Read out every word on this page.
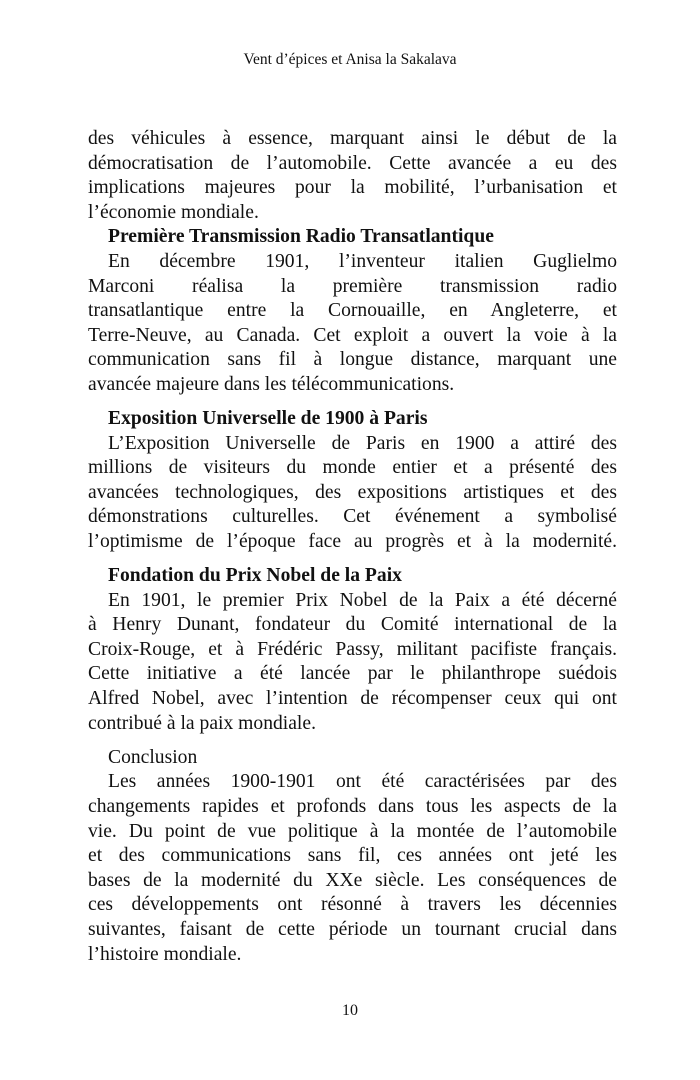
Vent d’épices et Anisa la Sakalava
des véhicules à essence, marquant ainsi le début de la
démocratisation de l’automobile. Cette avancée a eu des
implications majeures pour la mobilité, l’urbanisation et
l’économie mondiale.
Première Transmission Radio Transatlantique
En décembre 1901, l’inventeur italien Guglielmo
Marconi réalisa la première transmission radio
transatlantique entre la Cornouaille, en Angleterre, et
Terre-Neuve, au Canada. Cet exploit a ouvert la voie à la
communication sans fil à longue distance, marquant une
avancée majeure dans les télécommunications.
Exposition Universelle de 1900 à Paris
L’Exposition Universelle de Paris en 1900 a attiré des
millions de visiteurs du monde entier et a présenté des
avancées technologiques, des expositions artistiques et des
démonstrations culturelles. Cet événement a symbolisé
l’optimisme de l’époque face au progrès et à la modernité.
Fondation du Prix Nobel de la Paix
En 1901, le premier Prix Nobel de la Paix a été décerné
à Henry Dunant, fondateur du Comité international de la
Croix-Rouge, et à Frédéric Passy, militant pacifiste français.
Cette initiative a été lancée par le philanthrope suédois
Alfred Nobel, avec l’intention de récompenser ceux qui ont
contribué à la paix mondiale.
Conclusion
Les années 1900-1901 ont été caractérisées par des
changements rapides et profonds dans tous les aspects de la
vie. Du point de vue politique à la montée de l’automobile
et des communications sans fil, ces années ont jeté les
bases de la modernité du XXe siècle. Les conséquences de
ces développements ont résonné à travers les décennies
suivantes, faisant de cette période un tournant crucial dans
l’histoire mondiale.
10
